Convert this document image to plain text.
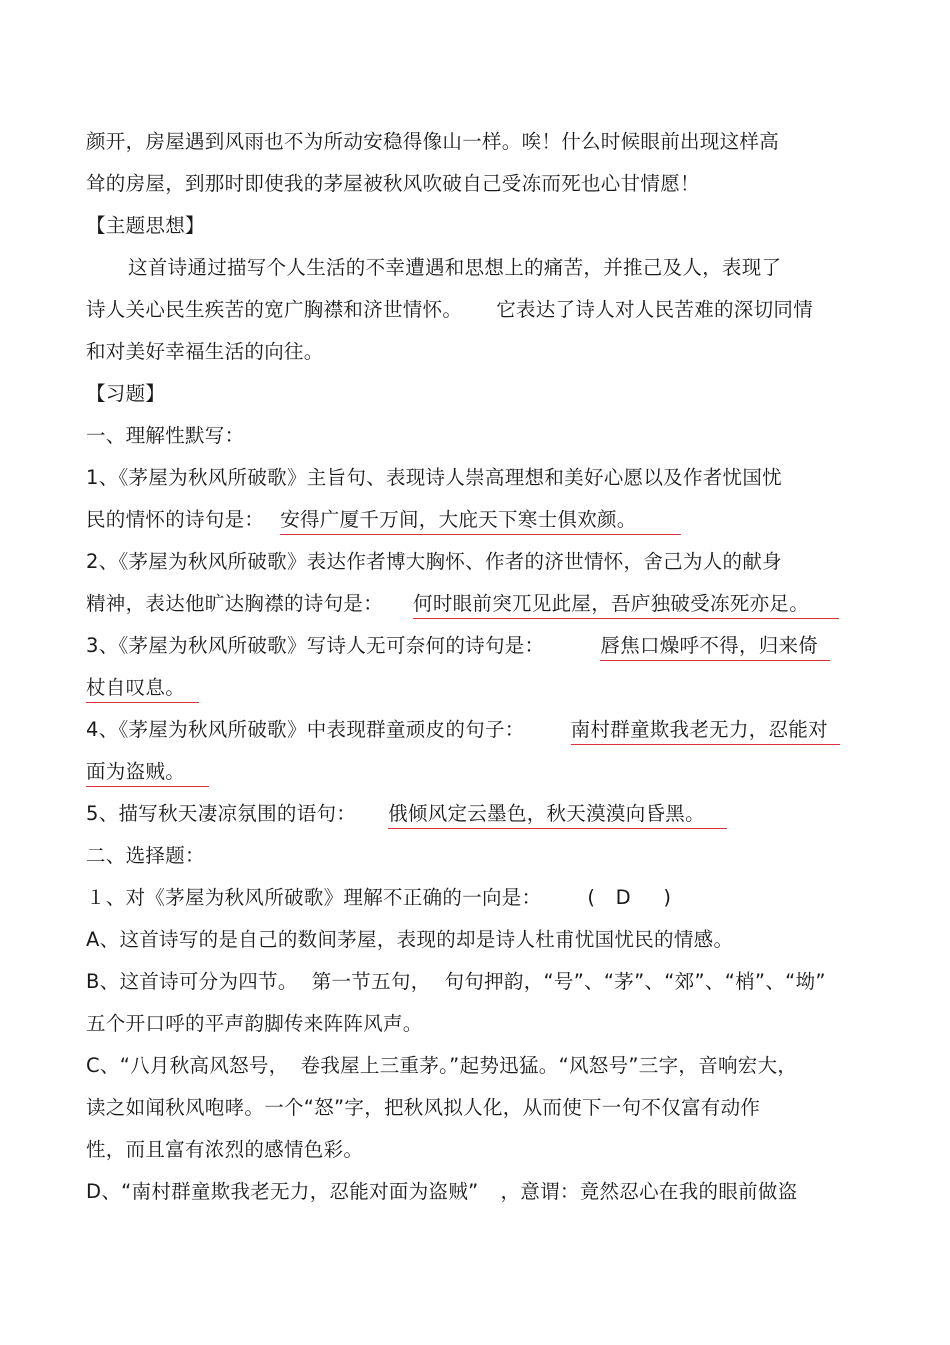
颜开，房屋遇到风雨也不为所动安稳得像山一样。唉！什么时候眼前出现这样高
耸的房屋，到那时即使我的茅屋被秋风吹破自己受冻而死也心甘情愿！
【主题思想】
这首诗通过描写个人生活的不幸遭遇和思想上的痛苦，并推己及人，表现了
诗人关心民生疾苦的宽广胸襟和济世情怀。 它表达了诗人对人民苦难的深切同情
和对美好幸福生活的向往。
【习题】
一、理解性默写：
1、《茅屋为秋风所破歌》主旨句、表现诗人崇高理想和美好心愿以及作者忧国忧
民的情怀的诗句是： 安得广厦千万间，大庇天下寒士俱欢颜。
2、《茅屋为秋风所破歌》表达作者博大胸怀、作者的济世情怀，舍己为人的献身
精神，表达他旷达胸襟的诗句是： 何时眼前突兀见此屋，吾庐独破受冻死亦足。
3、《茅屋为秋风所破歌》写诗人无可奈何的诗句是：	唇焦口燥呼不得，归来倚
杖自叹息。
4、《茅屋为秋风所破歌》中表现群童顽皮的句子： 南村群童欺我老无力，忍能对
面为盗贼。
5、描写秋天凄凉氛围的语句： 俄倾风定云墨色，秋天漠漠向昏黑。
二、选择题：
１、对《茅屋为秋风所破歌》理解不正确的一向是： ( D )
A、这首诗写的是自己的数间茅屋，表现的却是诗人杜甫忧国忧民的情感。
B、这首诗可分为四节。 第一节五句， 句句押韵，“号”、“茅”、“郊”、“梢”、“坳”
五个开口呼的平声韵脚传来阵阵风声。
C、“八月秋高风怒号， 卷我屋上三重茅。”起势迅猛。“风怒号”三字，音响宏大，
读之如闻秋风咆哮。一个“怒”字，把秋风拟人化，从而使下一句不仅富有动作
性，而且富有浓烈的感情色彩。
D、“南村群童欺我老无力，忍能对面为盗贼” ，意谓：竟然忍心在我的眼前做盗
